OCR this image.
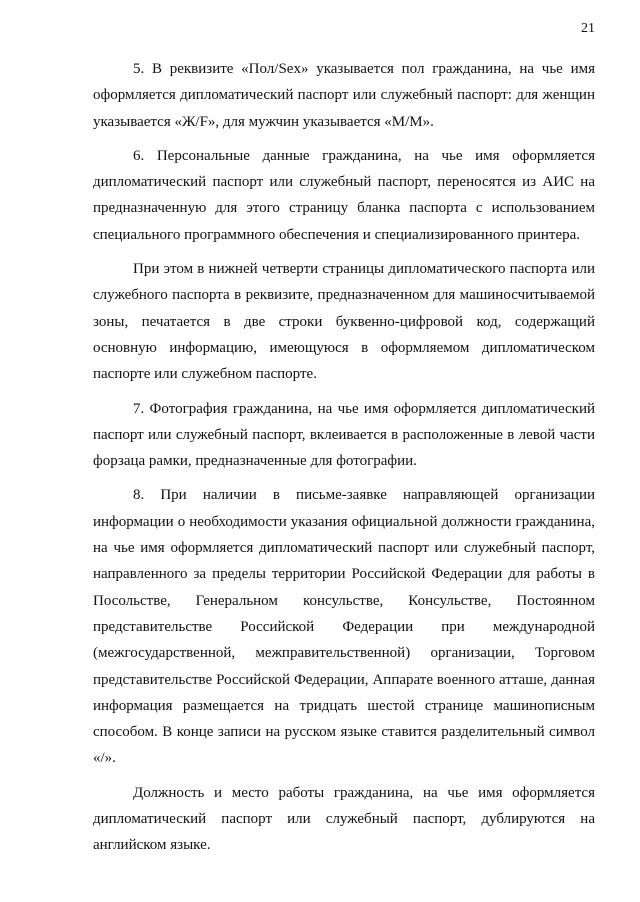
21

5. В реквизите «Пол/Sex» указывается пол гражданина, на чье имя оформляется дипломатический паспорт или служебный паспорт: для женщин указывается «Ж/F», для мужчин указывается «М/М».

6. Персональные данные гражданина, на чье имя оформляется дипломатический паспорт или служебный паспорт, переносятся из АИС на предназначенную для этого страницу бланка паспорта с использованием специального программного обеспечения и специализированного принтера.

При этом в нижней четверти страницы дипломатического паспорта или служебного паспорта в реквизите, предназначенном для машиносчитываемой зоны, печатается в две строки буквенно-цифровой код, содержащий основную информацию, имеющуюся в оформляемом дипломатическом паспорте или служебном паспорте.

7. Фотография гражданина, на чье имя оформляется дипломатический паспорт или служебный паспорт, вклеивается в расположенные в левой части форзаца рамки, предназначенные для фотографии.

8. При наличии в письме-заявке направляющей организации информации о необходимости указания официальной должности гражданина, на чье имя оформляется дипломатический паспорт или служебный паспорт, направленного за пределы территории Российской Федерации для работы в Посольстве, Генеральном консульстве, Консульстве, Постоянном представительстве Российской Федерации при международной (межгосударственной, межправительственной) организации, Торговом представительстве Российской Федерации, Аппарате военного атташе, данная информация размещается на тридцать шестой странице машинописным способом. В конце записи на русском языке ставится разделительный символ «/».

Должность и место работы гражданина, на чье имя оформляется дипломатический паспорт или служебный паспорт, дублируются на английском языке.
